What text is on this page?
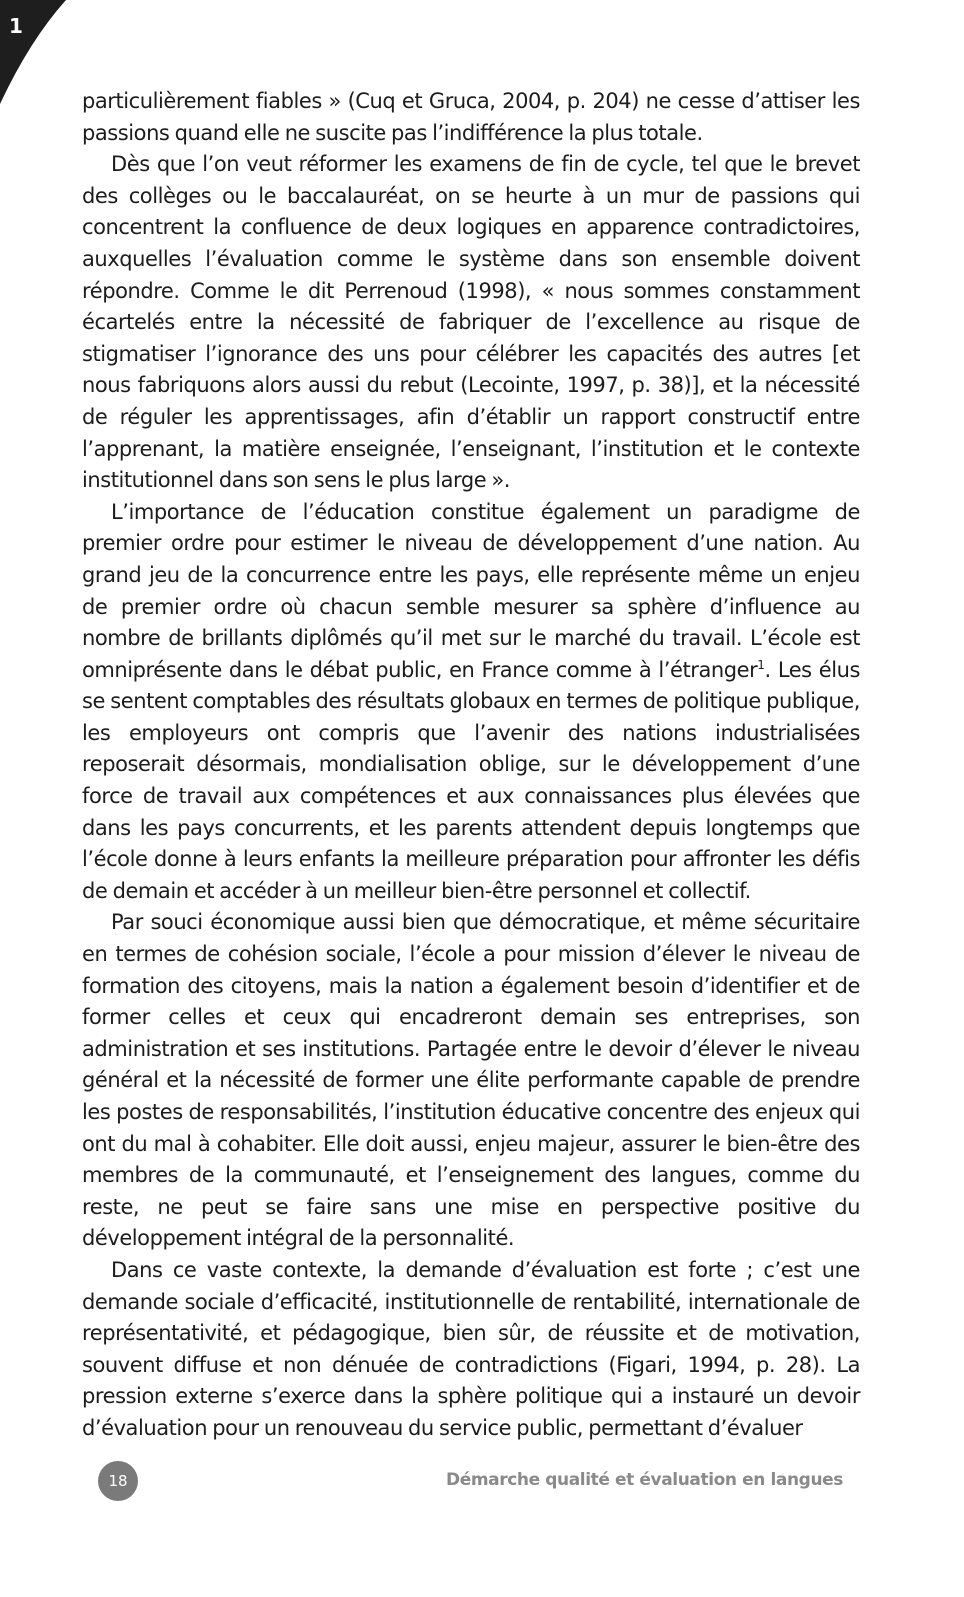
1

particulièrement fiables » (Cuq et Gruca, 2004, p. 204) ne cesse d’attiser les passions quand elle ne suscite pas l’indifférence la plus totale.

Dès que l’on veut réformer les examens de fin de cycle, tel que le brevet des collèges ou le baccalauréat, on se heurte à un mur de passions qui concentrent la confluence de deux logiques en apparence contradictoires, auxquelles l’évaluation comme le système dans son ensemble doivent répondre. Comme le dit Perrenoud (1998), « nous sommes constamment écartelés entre la nécessité de fabriquer de l’excellence au risque de stigmatiser l’ignorance des uns pour célébrer les capacités des autres [et nous fabriquons alors aussi du rebut (Lecointe, 1997, p. 38)], et la nécessité de réguler les apprentissages, afin d’établir un rapport constructif entre l’apprenant, la matière enseignée, l’enseignant, l’institution et le contexte institutionnel dans son sens le plus large ».

L’importance de l’éducation constitue également un paradigme de premier ordre pour estimer le niveau de développement d’une nation. Au grand jeu de la concurrence entre les pays, elle représente même un enjeu de premier ordre où chacun semble mesurer sa sphère d’influence au nombre de brillants diplômés qu’il met sur le marché du travail. L’école est omniprésente dans le débat public, en France comme à l’étranger$^1$. Les élus se sentent comptables des résultats globaux en termes de politique publique, les employeurs ont compris que l’avenir des nations industrialisées reposerait désormais, mondialisation oblige, sur le développement d’une force de travail aux compétences et aux connaissances plus élevées que dans les pays concurrents, et les parents attendent depuis longtemps que l’école donne à leurs enfants la meilleure préparation pour affronter les défis de demain et accéder à un meilleur bien-être personnel et collectif.

Par souci économique aussi bien que démocratique, et même sécuritaire en termes de cohésion sociale, l’école a pour mission d’élever le niveau de formation des citoyens, mais la nation a également besoin d’identifier et de former celles et ceux qui encadreront demain ses entreprises, son administration et ses institutions. Partagée entre le devoir d’élever le niveau général et la nécessité de former une élite performante capable de prendre les postes de responsabilités, l’institution éducative concentre des enjeux qui ont du mal à cohabiter. Elle doit aussi, enjeu majeur, assurer le bien-être des membres de la communauté, et l’enseignement des langues, comme du reste, ne peut se faire sans une mise en perspective positive du développement intégral de la personnalité.

Dans ce vaste contexte, la demande d’évaluation est forte ; c’est une demande sociale d’efficacité, institutionnelle de rentabilité, internationale de représentativité, et pédagogique, bien sûr, de réussite et de motivation, souvent diffuse et non dénuée de contradictions (Figari, 1994, p. 28). La pression externe s’exerce dans la sphère politique qui a instauré un devoir d’évaluation pour un renouveau du service public, permettant d’évaluer

18	Démarche qualité et évaluation en langues
